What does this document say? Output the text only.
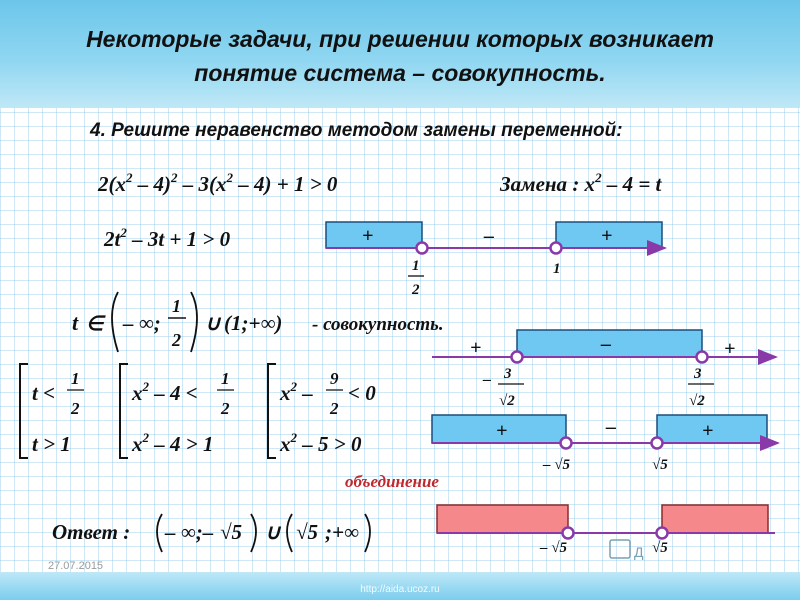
Некоторые задачи, при решении которых возникает
понятие система – совокупность.
4. Решите неравенство методом замены переменной:
$2(x^2 - 4)^2 - 3(x^2 - 4) + 1 > 0$	Замена : $x^2 - 4 = t$
$2t^2 - 3t + 1 > 0$	+	–	+
1
2
1
t ∈ – ∞;
1
2
∪ (1;+∞) - совокупность.
t <
1
2
t > 1
$x^2 - 4$ <
1
2
$x^2 - 4 > 1$
$x^2$ –
9
2
< 0
$x^2 - 5 > 0$
+	–	+
– 3
√2
3
√2
+	–	+
– √5	√5
объединение
– √5	√5
Д
Ответ : – ∞;– √5 ∪ √5 ;+∞
27.07.2015
http://aida.ucoz.ru
